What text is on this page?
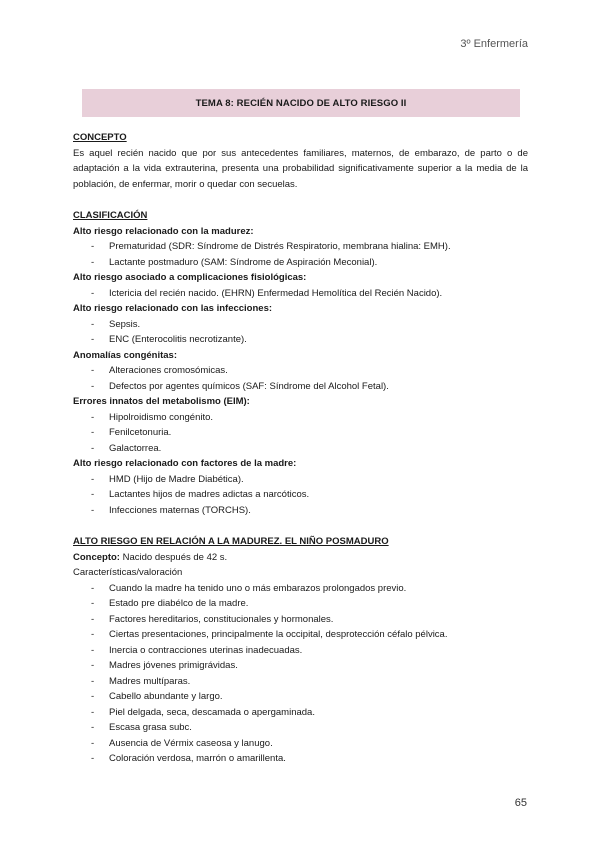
3º Enfermería
TEMA 8: RECIÉN NACIDO DE ALTO RIESGO II
CONCEPTO
Es aquel recién nacido que por sus antecedentes familiares, maternos, de embarazo, de parto o de adaptación a la vida extrauterina, presenta una probabilidad significativamente superior a la media de la población, de enfermar, morir o quedar con secuelas.
CLASIFICACIÓN
Alto riesgo relacionado con la madurez:
- Prematuridad (SDR: Síndrome de Distrés Respiratorio, membrana hialina: EMH).
- Lactante postmaduro (SAM: Síndrome de Aspiración Meconial).
Alto riesgo asociado a complicaciones fisiológicas:
- Ictericia del recién nacido. (EHRN) Enfermedad Hemolítica del Recién Nacido).
Alto riesgo relacionado con las infecciones:
- Sepsis.
- ENC (Enterocolitis necrotizante).
Anomalías congénitas:
- Alteraciones cromosómicas.
- Defectos por agentes químicos (SAF: Síndrome del Alcohol Fetal).
Errores innatos del metabolismo (EIM):
- Hipolroidismo congénito.
- Fenilcetonuria.
- Galactorrea.
Alto riesgo relacionado con factores de la madre:
- HMD (Hijo de Madre Diabética).
- Lactantes hijos de madres adictas a narcóticos.
- Infecciones maternas (TORCHS).
ALTO RIESGO EN RELACIÓN A LA MADUREZ. EL NIÑO POSMADURO
Concepto: Nacido después de 42 s.
Características/valoración
- Cuando la madre ha tenido uno o más embarazos prolongados previo.
- Estado pre diabélco de la madre.
- Factores hereditarios, constitucionales y hormonales.
- Ciertas presentaciones, principalmente la occipital, desprotección céfalo pélvica.
- Inercia o contracciones uterinas inadecuadas.
- Madres jóvenes primigrávidas.
- Madres multíparas.
- Cabello abundante y largo.
- Piel delgada, seca, descamada o apergaminada.
- Escasa grasa subc.
- Ausencia de Vérmix caseosa y lanugo.
- Coloración verdosa, marrón o amarillenta.
65
